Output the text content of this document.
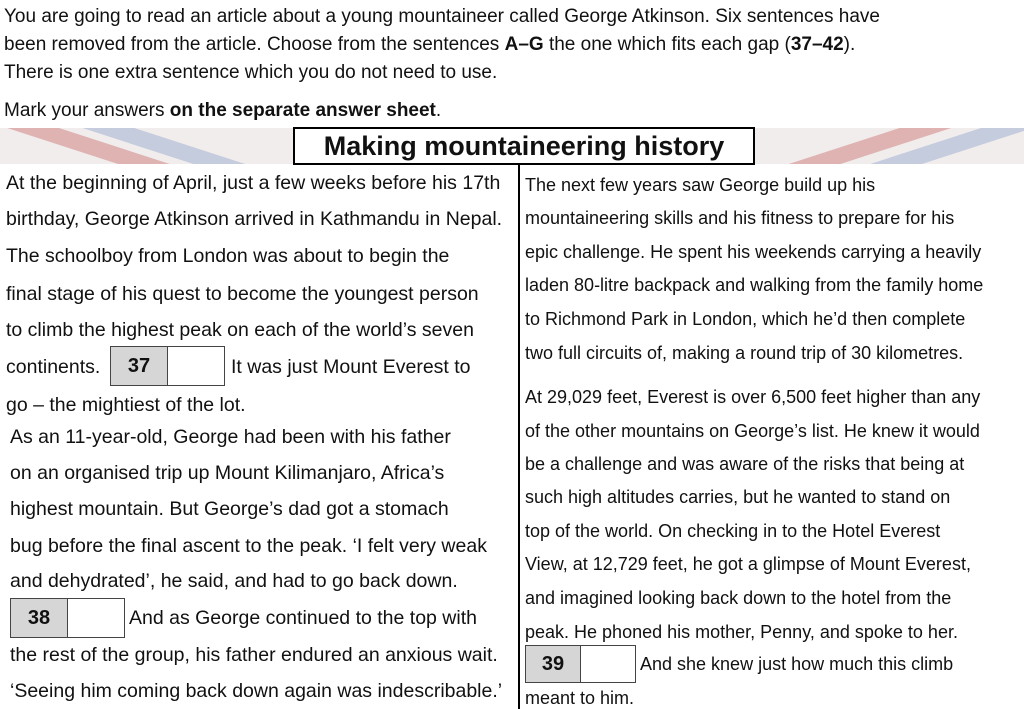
You are going to read an article about a young mountaineer called George Atkinson. Six sentences have
been removed from the article. Choose from the sentences A–G the one which fits each gap (37–42).
There is one extra sentence which you do not need to use.
Mark your answers on the separate answer sheet.
Making mountaineering history
At the beginning of April, just a few weeks before his 17th
birthday, George Atkinson arrived in Kathmandu in Nepal.
The schoolboy from London was about to begin the
final stage of his quest to become the youngest person
to climb the highest peak on each of the world’s seven
continents.	37	It was just Mount Everest to
go – the mightiest of the lot.
As an 11-year-old, George had been with his father
on an organised trip up Mount Kilimanjaro, Africa’s
highest mountain. But George’s dad got a stomach
bug before the final ascent to the peak. ‘I felt very weak
and dehydrated’, he said, and had to go back down.
38	And as George continued to the top with
the rest of the group, his father endured an anxious wait.
‘Seeing him coming back down again was indescribable.’
The next few years saw George build up his
mountaineering skills and his fitness to prepare for his
epic challenge. He spent his weekends carrying a heavily
laden 80-litre backpack and walking from the family home
to Richmond Park in London, which he’d then complete
two full circuits of, making a round trip of 30 kilometres.
At 29,029 feet, Everest is over 6,500 feet higher than any
of the other mountains on George’s list. He knew it would
be a challenge and was aware of the risks that being at
such high altitudes carries, but he wanted to stand on
top of the world. On checking in to the Hotel Everest
View, at 12,729 feet, he got a glimpse of Mount Everest,
and imagined looking back down to the hotel from the
peak. He phoned his mother, Penny, and spoke to her.
39	And she knew just how much this climb
meant to him.
